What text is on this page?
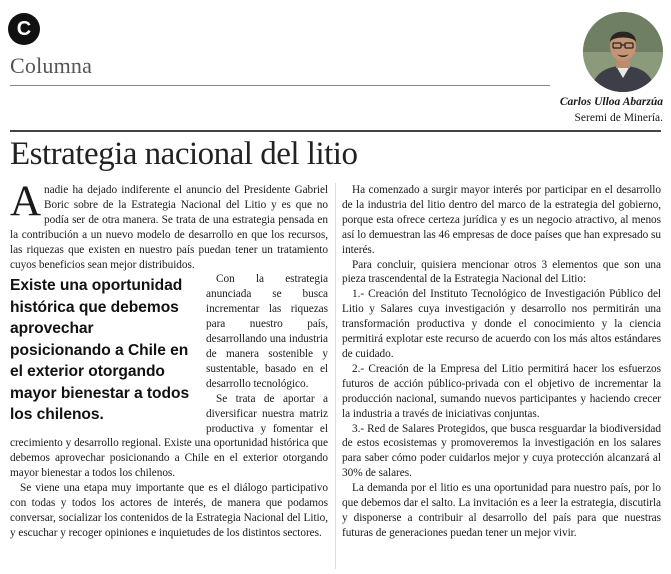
C
Columna
Carlos Ulloa Abarzúa
Seremi de Minería.
Estrategia nacional del litio

Anadie ha dejado indiferente el anuncio del Presidente Gabriel Boric sobre de la Estrategia Nacional del Litio y es que no podía ser de otra manera. Se trata de una estrategia pensada en la contribución a un nuevo modelo de desarrollo en que los recursos, las riquezas que existen en nuestro país puedan tener un tratamiento cuyos beneficios sean mejor distribuidos.

Existe una oportunidad histórica que debemos aprovechar posicionando a Chile en el exterior otorgando mayor bienestar a todos los chilenos.

Con la estrategia anunciada se busca incrementar las riquezas para nuestro país, desarrollando una industria de manera sostenible y sustentable, basado en el desarrollo tecnológico.

Se trata de aportar a diversificar nuestra matriz productiva y fomentar el crecimiento y desarrollo regional. Existe una oportunidad histórica que debemos aprovechar posicionando a Chile en el exterior otorgando mayor bienestar a todos los chilenos.

Se viene una etapa muy importante que es el diálogo participativo con todas y todos los actores de interés, de manera que podamos conversar, socializar los contenidos de la Estrategia Nacional del Litio, y escuchar y recoger opiniones e inquietudes de los distintos sectores.

Ha comenzado a surgir mayor interés por participar en el desarrollo de la industria del litio dentro del marco de la estrategia del gobierno, porque esta ofrece certeza jurídica y es un negocio atractivo, al menos así lo demuestran las 46 empresas de doce países que han expresado su interés.

Para concluir, quisiera mencionar otros 3 elementos que son una pieza trascendental de la Estrategia Nacional del Litio:

1.- Creación del Instituto Tecnológico de Investigación Público del Litio y Salares cuya investigación y desarrollo nos permitirán una transformación productiva y donde el conocimiento y la ciencia permitirá explotar este recurso de acuerdo con los más altos estándares de cuidado.

2.- Creación de la Empresa del Litio permitirá hacer los esfuerzos futuros de acción público-privada con el objetivo de incrementar la producción nacional, sumando nuevos participantes y haciendo crecer la industria a través de iniciativas conjuntas.

3.- Red de Salares Protegidos, que busca resguardar la biodiversidad de estos ecosistemas y promoveremos la investigación en los salares para saber cómo poder cuidarlos mejor y cuya protección alcanzará al 30% de salares.

La demanda por el litio es una oportunidad para nuestro país, por lo que debemos dar el salto. La invitación es a leer la estrategia, discutirla y disponerse a contribuir al desarrollo del país para que nuestras futuras de generaciones puedan tener un mejor vivir.
